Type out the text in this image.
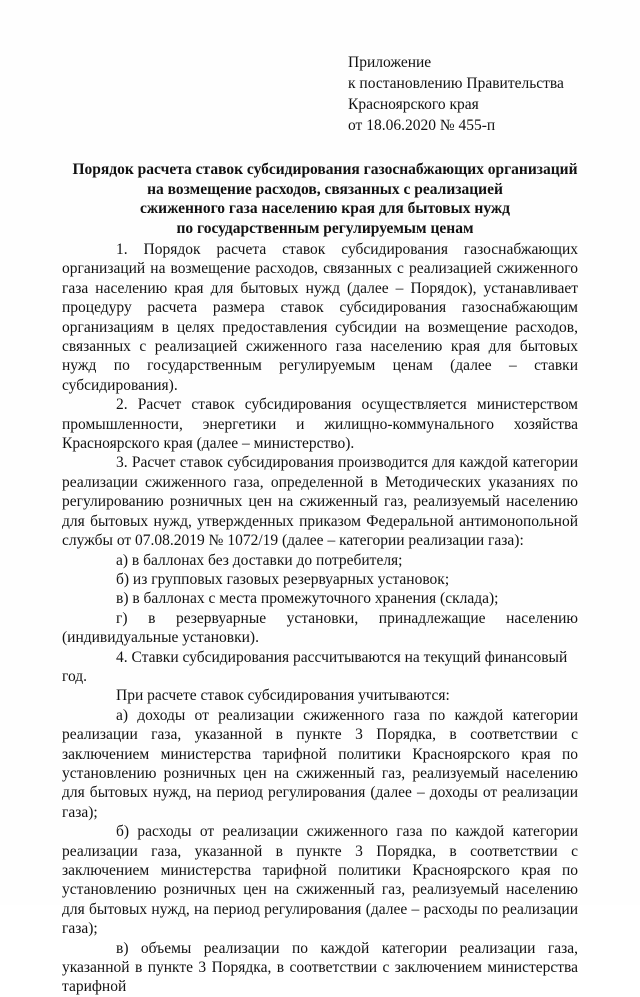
Приложение
к постановлению Правительства
Красноярского края
от 18.06.2020 № 455-п
Порядок расчета ставок субсидирования газоснабжающих организаций
на возмещение расходов, связанных с реализацией
сжиженного газа населению края для бытовых нужд
по государственным регулируемым ценам

1. Порядок расчета ставок субсидирования газоснабжающих организаций на возмещение расходов, связанных с реализацией сжиженного газа населению края для бытовых нужд (далее – Порядок), устанавливает процедуру расчета размера ставок субсидирования газоснабжающим организациям в целях предоставления субсидии на возмещение расходов, связанных с реализацией сжиженного газа населению края для бытовых нужд по государственным регулируемым ценам (далее – ставки субсидирования).

2. Расчет ставок субсидирования осуществляется министерством промышленности, энергетики и жилищно-коммунального хозяйства Красноярского края (далее – министерство).

3. Расчет ставок субсидирования производится для каждой категории реализации сжиженного газа, определенной в Методических указаниях по регулированию розничных цен на сжиженный газ, реализуемый населению для бытовых нужд, утвержденных приказом Федеральной антимонопольной службы от 07.08.2019 № 1072/19 (далее – категории реализации газа):

а) в баллонах без доставки до потребителя;

б) из групповых газовых резервуарных установок;

в) в баллонах с места промежуточного хранения (склада);

г) в резервуарные установки, принадлежащие населению (индивидуальные установки).

4. Ставки субсидирования рассчитываются на текущий финансовый год.

При расчете ставок субсидирования учитываются:

а) доходы от реализации сжиженного газа по каждой категории реализации газа, указанной в пункте 3 Порядка, в соответствии с заключением министерства тарифной политики Красноярского края по установлению розничных цен на сжиженный газ, реализуемый населению для бытовых нужд, на период регулирования (далее – доходы от реализации газа);

б) расходы от реализации сжиженного газа по каждой категории реализации газа, указанной в пункте 3 Порядка, в соответствии с заключением министерства тарифной политики Красноярского края по установлению розничных цен на сжиженный газ, реализуемый населению для бытовых нужд, на период регулирования (далее – расходы по реализации газа);

в) объемы реализации по каждой категории реализации газа, указанной в пункте 3 Порядка, в соответствии с заключением министерства тарифной
